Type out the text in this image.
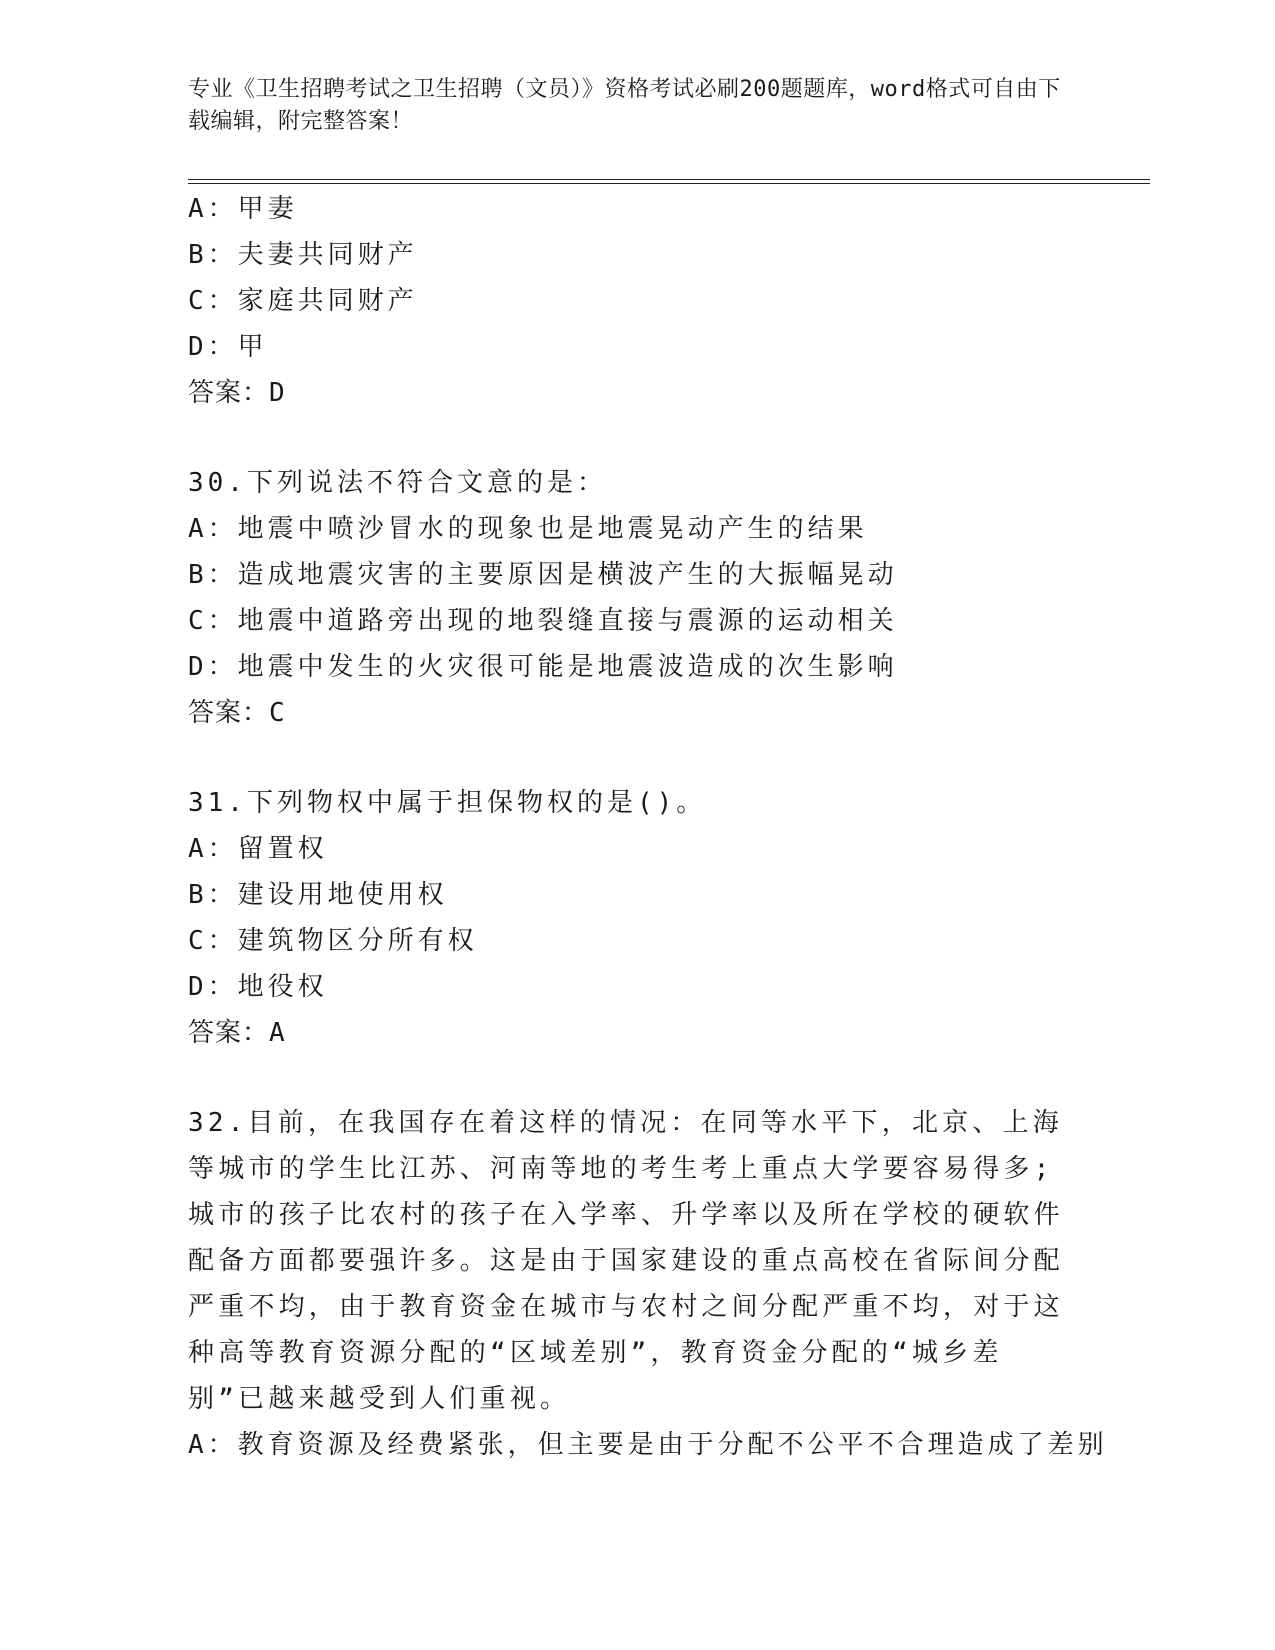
专业《卫生招聘考试之卫生招聘（文员）》资格考试必刷200题题库，word格式可自由下载编辑，附完整答案！
A：甲妻
B：夫妻共同财产
C：家庭共同财产
D：甲
答案：D
30.下列说法不符合文意的是：
A：地震中喷沙冒水的现象也是地震晃动产生的结果
B：造成地震灾害的主要原因是横波产生的大振幅晃动
C：地震中道路旁出现的地裂缝直接与震源的运动相关
D：地震中发生的火灾很可能是地震波造成的次生影响
答案：C
31.下列物权中属于担保物权的是()。
A：留置权
B：建设用地使用权
C：建筑物区分所有权
D：地役权
答案：A
32.目前，在我国存在着这样的情况：在同等水平下，北京、上海等城市的学生比江苏、河南等地的考生考上重点大学要容易得多;城市的孩子比农村的孩子在入学率、升学率以及所在学校的硬软件配备方面都要强许多。这是由于国家建设的重点高校在省际间分配严重不均，由于教育资金在城市与农村之间分配严重不均，对于这种高等教育资源分配的“区域差别”，教育资金分配的“城乡差别”已越来越受到人们重视。
A：教育资源及经费紧张，但主要是由于分配不公平不合理造成了差别
